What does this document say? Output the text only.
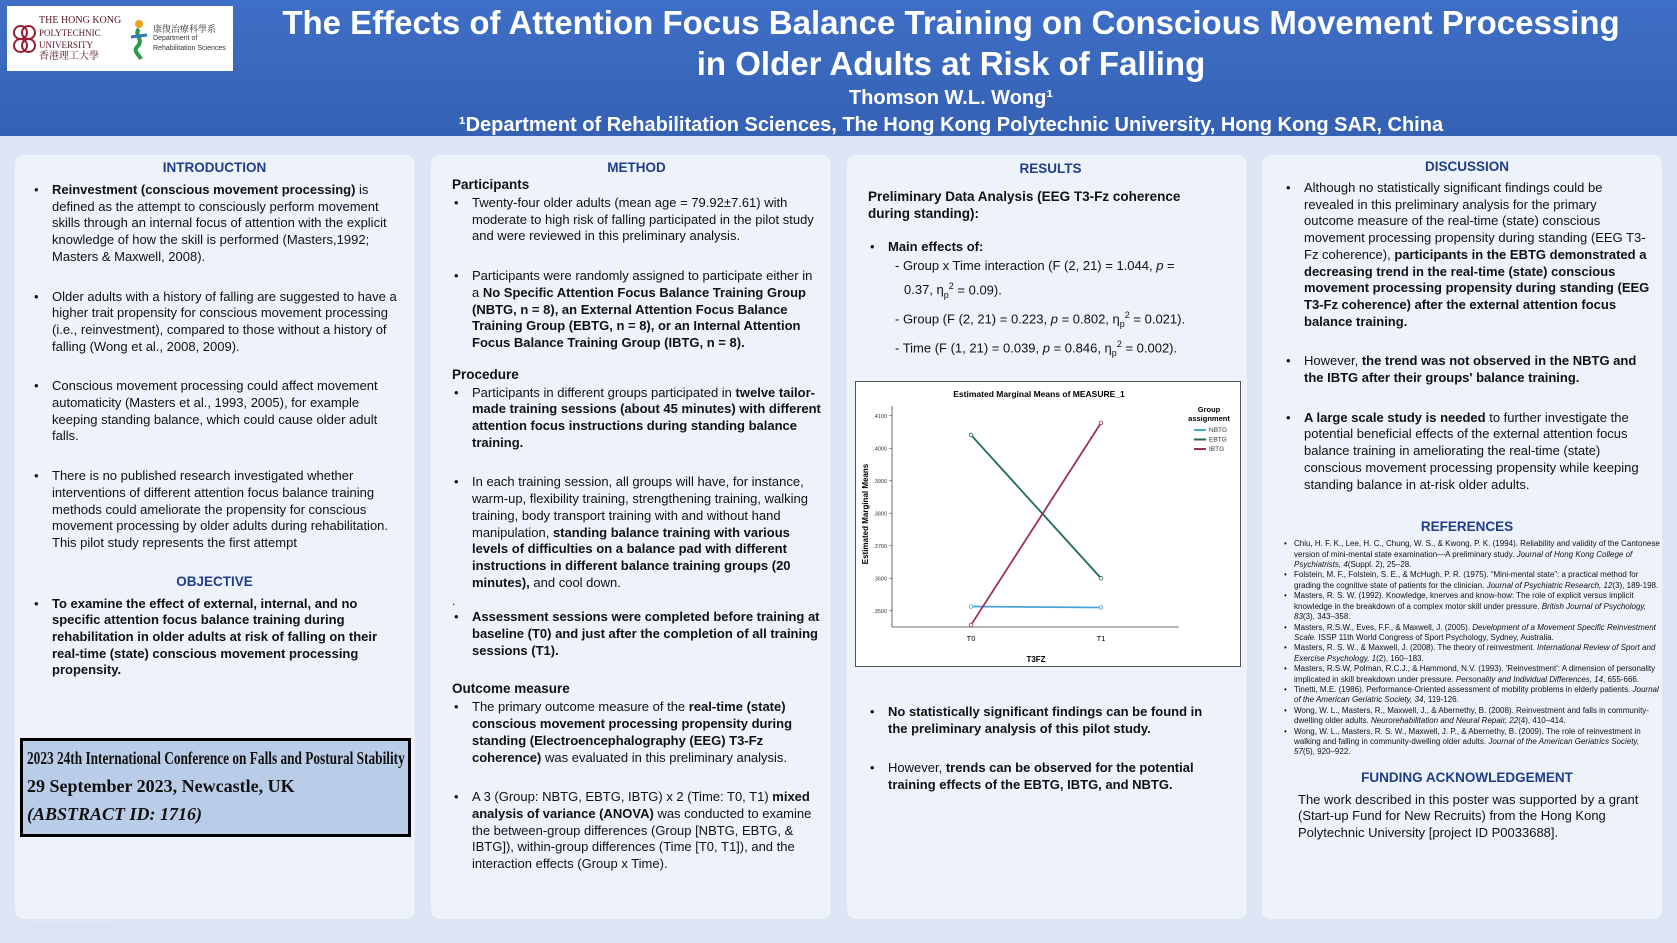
THE HONG KONG
POLYTECHNIC UNIVERSITY
香港理工大學
康復治療科學系
Department of Rehabilitation Sciences
The Effects of Attention Focus Balance Training on Conscious Movement Processing
in Older Adults at Risk of Falling
Thomson W.L. Wong¹
¹Department of Rehabilitation Sciences, The Hong Kong Polytechnic University, Hong Kong SAR, China
INTRODUCTION
• Reinvestment (conscious movement processing) is defined as the attempt to consciously perform movement skills through an internal focus of attention with the explicit knowledge of how the skill is performed (Masters,1992; Masters & Maxwell, 2008).
• Older adults with a history of falling are suggested to have a higher trait propensity for conscious movement processing (i.e., reinvestment), compared to those without a history of falling (Wong et al., 2008, 2009).
• Conscious movement processing could affect movement automaticity (Masters et al., 1993, 2005), for example keeping standing balance, which could cause older adult falls.
• There is no published research investigated whether interventions of different attention focus balance training methods could ameliorate the propensity for conscious movement processing by older adults during rehabilitation. This pilot study represents the first attempt
OBJECTIVE
• To examine the effect of external, internal, and no specific attention focus balance training during rehabilitation in older adults at risk of falling on their real-time (state) conscious movement processing propensity.
2023 24th International Conference on Falls and Postural Stability
29 September 2023, Newcastle, UK
(ABSTRACT ID: 1716)
METHOD

Participants

• Twenty-four older adults (mean age = 79.92±7.61) with moderate to high risk of falling participated in the pilot study and were reviewed in this preliminary analysis.
• Participants were randomly assigned to participate either in a No Specific Attention Focus Balance Training Group (NBTG, n = 8), an External Attention Focus Balance Training Group (EBTG, n = 8), or an Internal Attention Focus Balance Training Group (IBTG, n = 8).

Procedure

• Participants in different groups participated in twelve tailor-made training sessions (about 45 minutes) with different attention focus instructions during standing balance training.
• In each training session, all groups will have, for instance, warm-up, flexibility training, strengthening training, walking training, body transport training with and without hand manipulation, standing balance training with various levels of difficulties on a balance pad with different instructions in different balance training groups (20 minutes), and cool down.
.
• Assessment sessions were completed before training at baseline (T0) and just after the completion of all training sessions (T1).

Outcome measure

• The primary outcome measure of the real-time (state) conscious movement processing propensity during standing (Electroencephalography (EEG) T3-Fz coherence) was evaluated in this preliminary analysis.
• A 3 (Group: NBTG, EBTG, IBTG) x 2 (Time: T0, T1) mixed analysis of variance (ANOVA) was conducted to examine the between-group differences (Group [NBTG, EBTG, & IBTG]), within-group differences (Time [T0, T1]), and the interaction effects (Group x Time).
RESULTS

Preliminary Data Analysis (EEG T3-Fz coherence during standing):

• Main effects of:
- Group x Time interaction (F (2, 21) = 1.044, p =
0.37, $\eta_p^2 = 0.09$).
- Group (F (2, 21) = 0.223, p = 0.802, $\eta_p^2 = 0.021$).
- Time (F (1, 21) = 0.039, p = 0.846, $\eta_p^2 = 0.002$).
• No statistically significant findings can be found in the preliminary analysis of this pilot study.
• However, trends can be observed for the potential training effects of the EBTG, IBTG, and NBTG.
Estimated Marginal Means of MEASURE_1
Estimated Marginal Means
T3FZ
Group
assignment
.3500
.3600
.3700
.3800
.3900
.4000
.4100
T0	T1
NBTG
EBTG
IBTG
DISCUSSION
• Although no statistically significant findings could be revealed in this preliminary analysis for the primary outcome measure of the real-time (state) conscious movement processing propensity during standing (EEG T3-Fz coherence), participants in the EBTG demonstrated a decreasing trend in the real-time (state) conscious movement processing propensity during standing (EEG T3-Fz coherence) after the external attention focus balance training.
• However, the trend was not observed in the NBTG and the IBTG after their groups' balance training.
• A large scale study is needed to further investigate the potential beneficial effects of the external attention focus balance training in ameliorating the real-time (state) conscious movement processing propensity while keeping standing balance in at-risk older adults.
REFERENCES
• Chiu, H. F. K., Lee, H. C., Chung, W. S., & Kwong, P. K. (1994). Reliability and validity of the Cantonese version of mini-mental state examination—A preliminary study. Journal of Hong Kong College of Psychiatrists, 4(Suppl. 2), 25–28.
• Folstein, M. F., Folstein, S. E., & McHugh, P. R. (1975). “Mini-mental state”: a practical method for grading the cognitive state of patients for the clinician. Journal of Psychiatric Research, 12(3), 189-198.
• Masters, R. S. W. (1992). Knowledge, knerves and know-how: The role of explicit versus implicit knowledge in the breakdown of a complex motor skill under pressure. British Journal of Psychology, 83(3), 343–358.
• Masters, R.S.W., Eves, F.F., & Maxwell, J. (2005). Development of a Movement Specific Reinvestment Scale. ISSP 11th World Congress of Sport Psychology, Sydney, Australia.
• Masters, R. S. W., & Maxwell, J. (2008). The theory of reinvestment. International Review of Sport and Exercise Psychology, 1(2), 160–183.
• Masters, R.S.W, Polman, R.C.J., & Hammond, N.V. (1993). 'Reinvestment': A dimension of personality implicated in skill breakdown under pressure. Personality and Individual Differences, 14, 655-666.
• Tinetti, M.E. (1986). Performance-Oriented assessment of mobility problems in elderly patients. Journal of the American Geriatric Society, 34, 119-126.
• Wong, W. L., Masters, R., Maxwell, J., & Abernethy, B. (2008). Reinvestment and falls in community-dwelling older adults. Neurorehabilitation and Neural Repair, 22(4), 410–414.
• Wong, W. L., Masters, R. S. W., Maxwell, J. P., & Abernethy, B. (2009). The role of reinvestment in walking and falling in community-dwelling older adults. Journal of the American Geriatrics Society, 57(5), 920–922.
FUNDING ACKNOWLEDGEMENT

The work described in this poster was supported by a grant (Start-up Fund for New Recruits) from the Hong Kong Polytechnic University [project ID P0033688].

·····························································
